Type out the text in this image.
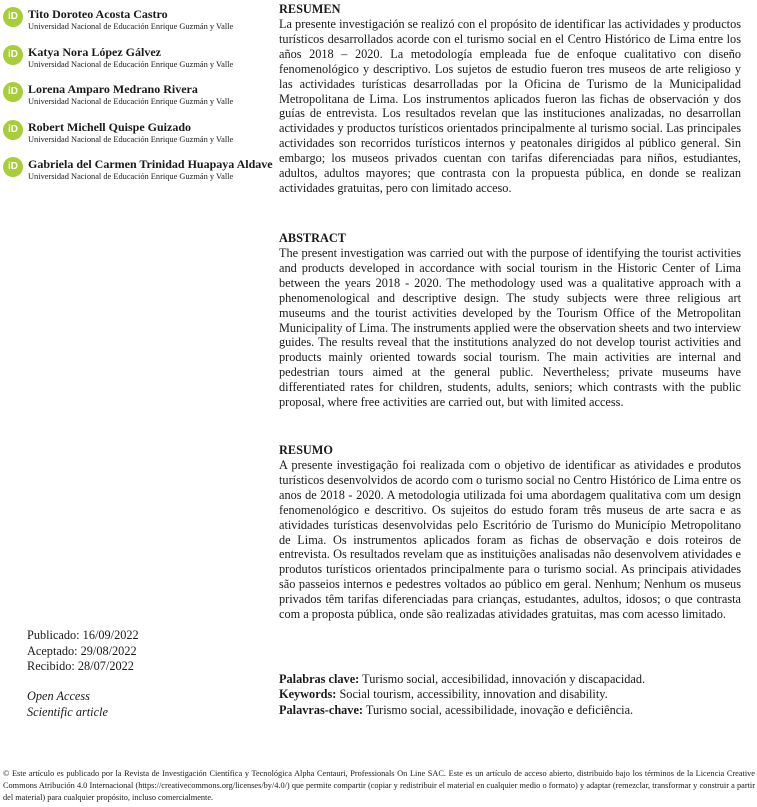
iD Tito Doroteo Acosta Castro
Universidad Nacional de Educación Enrique Guzmán y Valle
iD Katya Nora López Gálvez
Universidad Nacional de Educación Enrique Guzmán y Valle
iD Lorena Amparo Medrano Rivera
Universidad Nacional de Educación Enrique Guzmán y Valle
iD Robert Michell Quispe Guizado
Universidad Nacional de Educación Enrique Guzmán y Valle
iD Gabriela del Carmen Trinidad Huapaya Aldave
Universidad Nacional de Educación Enrique Guzmán y Valle
RESUMEN

La presente investigación se realizó con el propósito de identificar las actividades y productos turísticos desarrollados acorde con el turismo social en el Centro Histórico de Lima entre los años 2018 – 2020. La metodología empleada fue de enfoque cualitativo con diseño fenomenológico y descriptivo. Los sujetos de estudio fueron tres museos de arte religioso y las actividades turísticas desarrolladas por la Oficina de Turismo de la Municipalidad Metropolitana de Lima. Los instrumentos aplicados fueron las fichas de observación y dos guías de entrevista. Los resultados revelan que las instituciones analizadas, no desarrollan actividades y productos turísticos orientados principalmente al turismo social. Las principales actividades son recorridos turísticos internos y peatonales dirigidos al público general. Sin embargo; los museos privados cuentan con tarifas diferenciadas para niños, estudiantes, adultos, adultos mayores; que contrasta con la propuesta pública, en donde se realizan actividades gratuitas, pero con limitado acceso.

ABSTRACT

The present investigation was carried out with the purpose of identifying the tourist activities and products developed in accordance with social tourism in the Historic Center of Lima between the years 2018 - 2020. The methodology used was a qualitative approach with a phenomenological and descriptive design. The study subjects were three religious art museums and the tourist activities developed by the Tourism Office of the Metropolitan Municipality of Lima. The instruments applied were the observation sheets and two interview guides. The results reveal that the institutions analyzed do not develop tourist activities and products mainly oriented towards social tourism. The main activities are internal and pedestrian tours aimed at the general public. Nevertheless; private museums have differentiated rates for children, students, adults, seniors; which contrasts with the public proposal, where free activities are carried out, but with limited access.

RESUMO

A presente investigação foi realizada com o objetivo de identificar as atividades e produtos turísticos desenvolvidos de acordo com o turismo social no Centro Histórico de Lima entre os anos de 2018 - 2020. A metodologia utilizada foi uma abordagem qualitativa com um design fenomenológico e descritivo. Os sujeitos do estudo foram três museus de arte sacra e as atividades turísticas desenvolvidas pelo Escritório de Turismo do Município Metropolitano de Lima. Os instrumentos aplicados foram as fichas de observação e dois roteiros de entrevista. Os resultados revelam que as instituições analisadas não desenvolvem atividades e produtos turísticos orientados principalmente para o turismo social. As principais atividades são passeios internos e pedestres voltados ao público em geral. Nenhum; Nenhum os museus privados têm tarifas diferenciadas para crianças, estudantes, adultos, idosos; o que contrasta com a proposta pública, onde são realizadas atividades gratuitas, mas com acesso limitado.

Publicado: 16/09/2022
Aceptado: 29/08/2022
Recibido: 28/07/2022
Open Access
Scientific article
Palabras clave: Turismo social, accesibilidad, innovación y discapacidad.
Keywords: Social tourism, accessibility, innovation and disability.
Palavras-chave: Turismo social, acessibilidade, inovação e deficiência.
© Este artículo es publicado por la Revista de Investigación Científica y Tecnológica Alpha Centauri, Professionals On Line SAC. Este es un artículo de acceso abierto, distribuido bajo los términos de la Licencia Creative Commons Atribución 4.0 Internacional (https://creativecommons.org/licenses/by/4.0/) que permite compartir (copiar y redistribuir el material en cualquier medio o formato) y adaptar (remezclar, transformar y construir a partir del material) para cualquier propósito, incluso comercialmente.
